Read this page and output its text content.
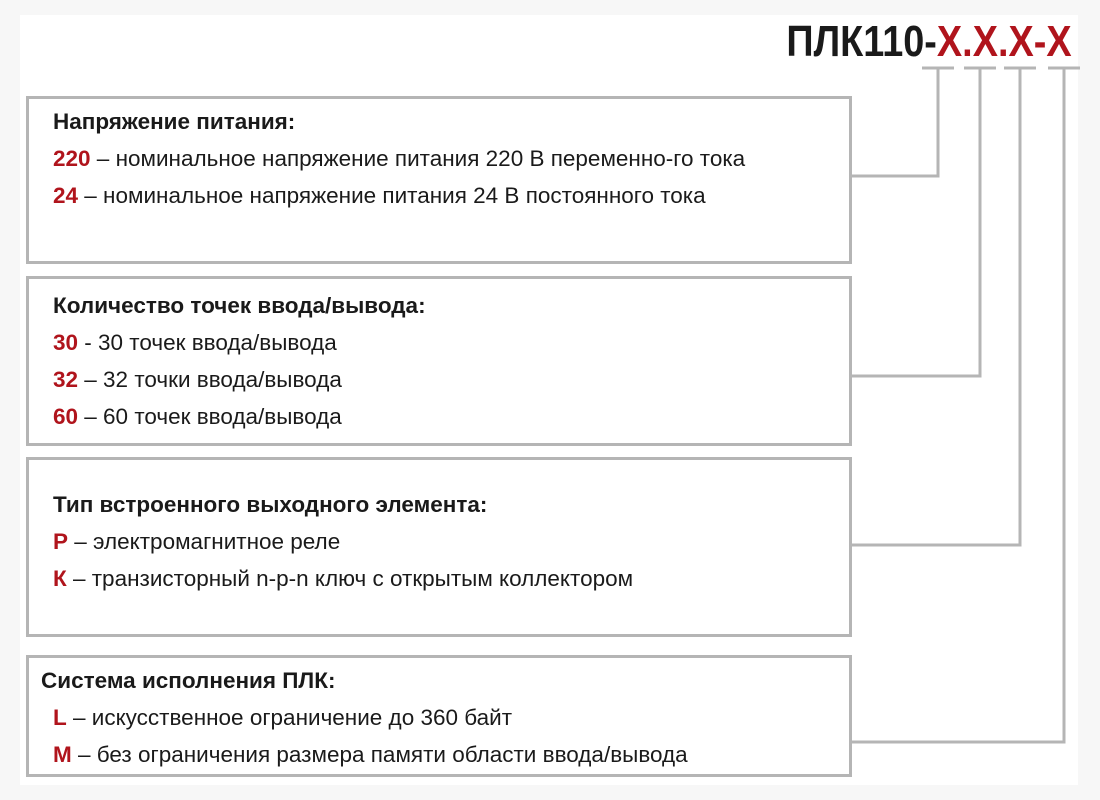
ПЛК110-X.X.X-X
Напряжение питания:
220 – номинальное напряжение питания 220 В переменно-го тока
24 – номинальное напряжение питания 24 В постоянного тока
Количество точек ввода/вывода:
30 - 30 точек ввода/вывода
32 – 32 точки ввода/вывода
60 – 60 точек ввода/вывода
Тип встроенного выходного элемента:
Р – электромагнитное реле
К – транзисторный n-p-n ключ с открытым коллектором
Система исполнения ПЛК:
L – искусственное ограничение до 360 байт
M – без ограничения размера памяти области ввода/вывода
